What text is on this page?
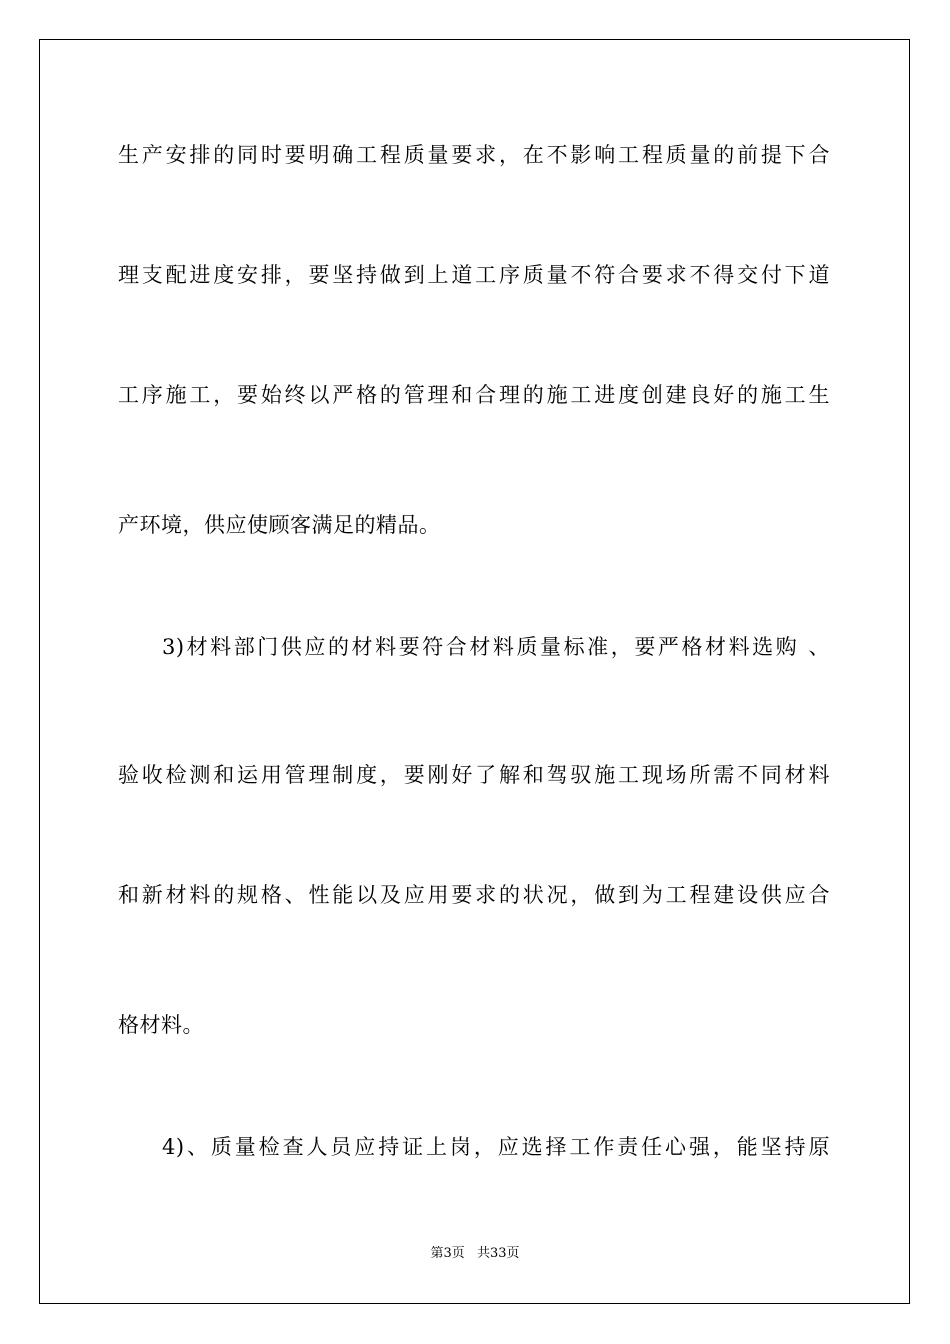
生产安排的同时要明确工程质量要求，在不影响工程质量的前提下合
理支配进度安排，要坚持做到上道工序质量不符合要求不得交付下道
工序施工，要始终以严格的管理和合理的施工进度创建良好的施工生
产环境，供应使顾客满足的精品。
3)材料部门供应的材料要符合材料质量标准，要严格材料选购 、
验收检测和运用管理制度，要刚好了解和驾驭施工现场所需不同材料
和新材料的规格、性能以及应用要求的状况，做到为工程建设供应合
格材料。
4)、质量检查人员应持证上岗，应选择工作责任心强，能坚持原
第3页 共33页
